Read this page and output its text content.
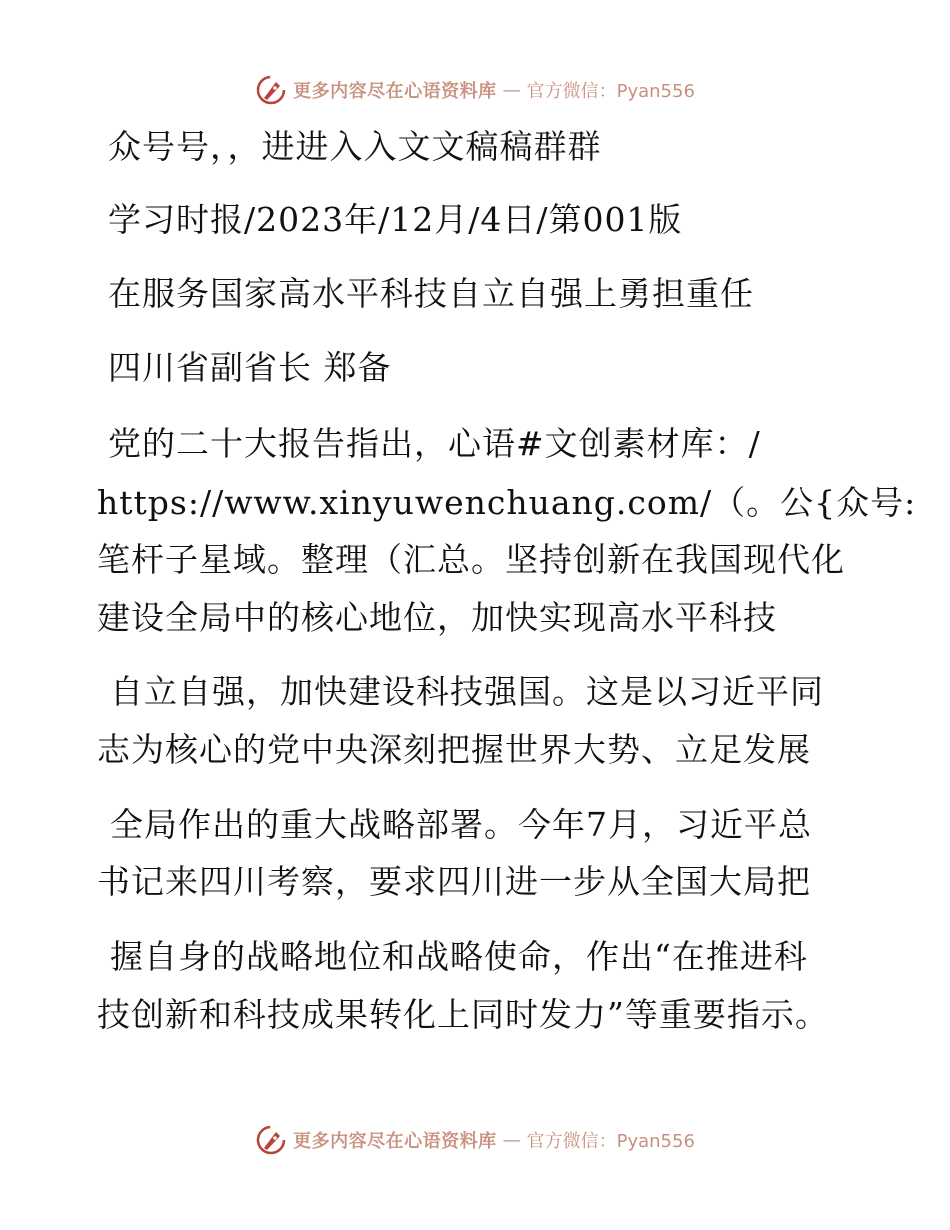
更多内容尽在心语资料库 — 官方微信：Pyan556
众号号，，进进入入文文稿稿群群
学习时报/2023年/12月/4日/第001版
在服务国家高水平科技自立自强上勇担重任
四川省副省长 郑备
党的二十大报告指出，心语#文创素材库：/
https://www.xinyuwenchuang.com/（。公{众号:
笔杆子星域。整理（汇总。坚持创新在我国现代化
建设全局中的核心地位，加快实现高水平科技
自立自强，加快建设科技强国。这是以习近平同
志为核心的党中央深刻把握世界大势、立足发展
全局作出的重大战略部署。今年7月，习近平总
书记来四川考察，要求四川进一步从全国大局把
握自身的战略地位和战略使命，作出“在推进科
技创新和科技成果转化上同时发力”等重要指示。
更多内容尽在心语资料库 — 官方微信：Pyan556
